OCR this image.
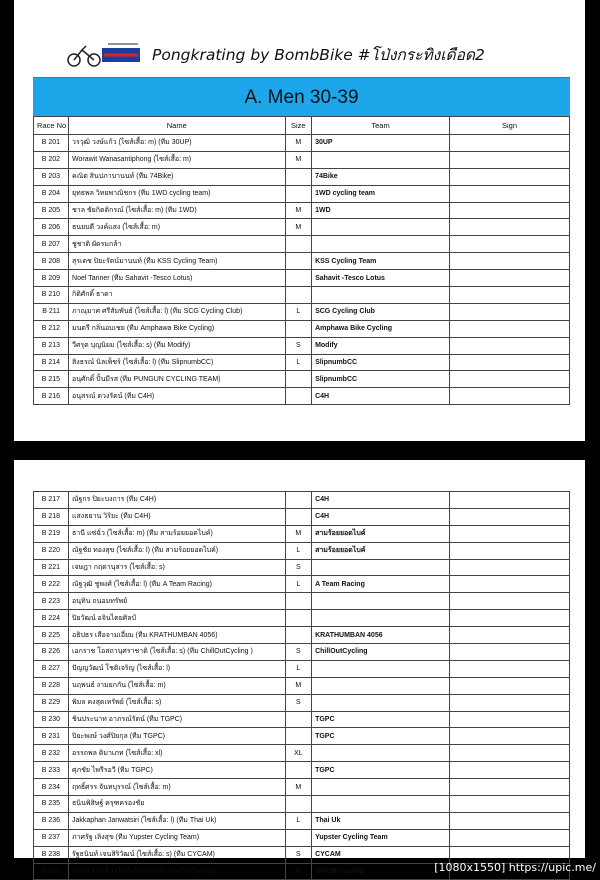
Pongkrating by BombBike #โป่งกระทิงเดือด2
A. Men 30-39
Race No	Name	Size	Team	Sign
B 201	วรวุฒิ วงษ์แก้ว (ไซส์เสื้อ: m) (ทีม 30UP)	M	30UP	
B 202	Worawit Wanasantiphong (ไซส์เสื้อ: m)	M		
B 203	คณิต สินปภาบานนท์ (ทีม 74Bike)		74Bike	
B 204	ยุทธพล วิทยพาณิชกร (ทีม 1WD cycling team)		1WD cycling team	
B 205	ชาล ชัยกิตติกรณ์ (ไซส์เสื้อ: m) (ทีม 1WD)	M	1WD	
B 206	ธนยบดี วงค์แสง (ไซส์เสื้อ: m)	M		
B 207	ชูชาติ ผัดรมกล้า			
B 208	สุรเดช ปิยะรัตน์มานนท์ (ทีม KSS Cycling Team)		KSS Cycling Team	
B 209	Noel Tanner (ทีม Sahavit -Tesco Lotus)		Sahavit -Tesco Lotus	
B 210	กิติศักดิ์ ธาดา			
B 211	ภาณุมาศ ศรีสัมพันธ์ (ไซส์เสื้อ: l) (ทีม SCG Cycling Club)	L	SCG Cycling Club	
B 212	มนตรี กลิ่นอบเชย (ทีม Amphawa Bike Cycling)		Amphawa Bike Cycling	
B 213	วีศรุต บุญนิยม (ไซส์เสื้อ: s) (ทีม Modify)	S	Modify	
B 214	สิงธรณ์ นิลเพ็ชร์ (ไซส์เสื้อ: l) (ทีม SlipnumbCC)	L	SlipnumbCC	
B 215	อนุศักดิ์ ปั้นมีรส (ทีม PUNGUN CYCLING TEAM)		SlipnumbCC	
B 216	อนุสรณ์ ดวงรัตน์ (ทีม C4H)		C4H	
B 217	ณัฐกร ปิยะบงการ (ทีม C4H)		C4H	
B 218	แสงธยาน วิริยะ (ทีม C4H)		C4H	
B 219	ธานี แซ่ฉั่ว (ไซส์เสื้อ: m) (ทีม สามร้อยยอดไบค์)	M	สามร้อยยอดไบค์	
B 220	ณัฐชัย ทองสุข (ไซส์เสื้อ: l) (ทีม สามร้อยยอดไบค์)	L	สามร้อยยอดไบค์	
B 221	เจษฎา กฤตานุสาร (ไซส์เสื้อ: s)	S		
B 222	ณัฐวุฒิ ชูพงศ์ (ไซส์เสื้อ: l) (ทีม A Team Racing)	L	A Team Racing	
B 223	อนุทิน ถนอมทรัพย์			
B 224	ปิยวัฒน์ อจินไตยศิลป์			
B 225	อธิปธร เสือจามเอี่ยม (ทีม KRATHUMBAN 4056)		KRATHUMBAN 4056	
B 226	เอกราช โอสถานุศราชาติ (ไซส์เสื้อ: s) (ทีม ChillOutCycling )	S	ChillOutCycling	
B 227	ปัญญวัฒน์ โชติเจริญ (ไซส์เสื้อ: l)	L		
B 228	นฤพนธ์ งามยกกัน (ไซส์เสื้อ: m)	M		
B 229	พิมล คงสุดเทรัพย์ (ไซส์เสื้อ: s)	S		
B 230	ชินประนาท อาภรณ์รัตน์ (ทีม TGPC)		TGPC	
B 231	ปิยะพงษ์ วงศ์ปิยกุล (ทีม TGPC)		TGPC	
B 232	อรรถพล ดิมาเภท (ไซส์เสื้อ: xl)	XL		
B 233	ศุภชัย ไพรีรอวี (ทีม TGPC)		TGPC	
B 234	ฤทธิ์ศรร จันทบุรรณ์ (ไซส์เสื้อ: m)	M		
B 235	ธนินพิสิษฐ์ ครุฑครองชัย			
B 236	Jakkaphan Janwatsiri (ไซส์เสื้อ: l) (ทีม Thai Uk)	L	Thai Uk	
B 237	ภาศรัฐ เลิงสุข (ทีม Yupster Cycling Team)		Yupster Cycling Team	
B 238	รัฐธนินท์ เจนสิริวัฒน์ (ไซส์เสื้อ: s) (ทีม CYCAM)	S	CYCAM	
B 239	นิรพล จิตรชื่น (ไซส์เสื้อ: m) (ทีม On/Off Cycling)	M	On/Off Cycling		[1080x1550] https://upic.me/
